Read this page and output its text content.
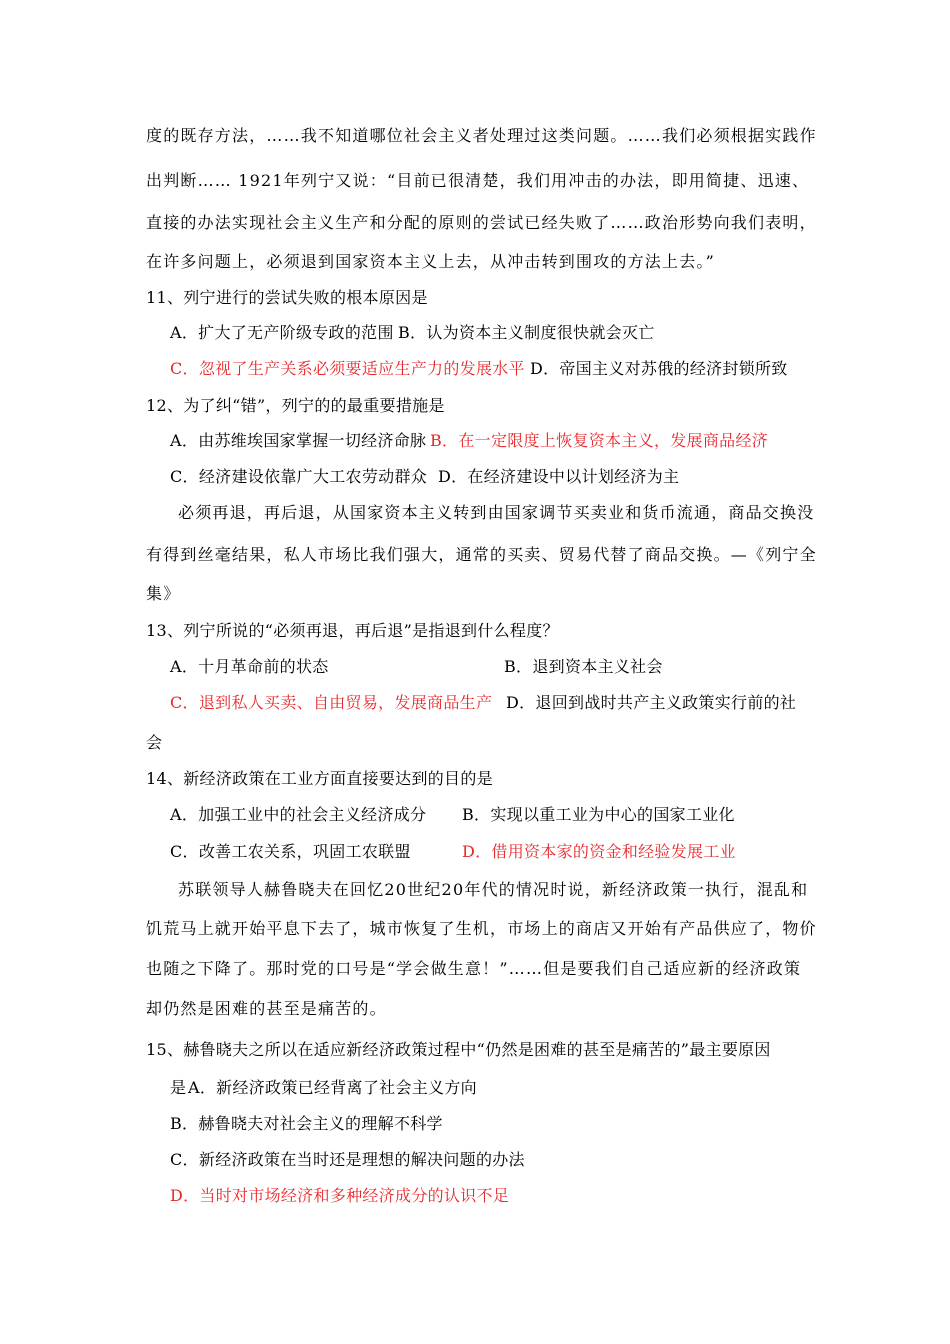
度的既存方法，……我不知道哪位社会主义者处理过这类问题。……我们必须根据实践作
出判断…… 1921年列宁又说：“目前已很清楚，我们用冲击的办法，即用简捷、迅速、
直接的办法实现社会主义生产和分配的原则的尝试已经失败了……政治形势向我们表明，
在许多问题上，必须退到国家资本主义上去，从冲击转到围攻的方法上去。”
11、列宁进行的尝试失败的根本原因是
A．扩大了无产阶级专政的范围 B．认为资本主义制度很快就会灭亡
C．忽视了生产关系必须要适应生产力的发展水平 D．帝国主义对苏俄的经济封锁所致
12、为了纠“错”，列宁的的最重要措施是
A．由苏维埃国家掌握一切经济命脉 B．在一定限度上恢复资本主义，发展商品经济
C．经济建设依靠广大工农劳动群众 D．在经济建设中以计划经济为主
必须再退，再后退，从国家资本主义转到由国家调节买卖业和货币流通，商品交换没
有得到丝毫结果，私人市场比我们强大，通常的买卖、贸易代替了商品交换。—《列宁全
集》
13、列宁所说的“必须再退，再后退”是指退到什么程度？
A．十月革命前的状态	B．退到资本主义社会
C．退到私人买卖、自由贸易，发展商品生产 D．退回到战时共产主义政策实行前的社
会
14、新经济政策在工业方面直接要达到的目的是
A．加强工业中的社会主义经济成分 B．实现以重工业为中心的国家工业化
C．改善工农关系，巩固工农联盟	D．借用资本家的资金和经验发展工业
苏联领导人赫鲁晓夫在回忆20世纪20年代的情况时说，新经济政策一执行，混乱和
饥荒马上就开始平息下去了，城市恢复了生机，市场上的商店又开始有产品供应了，物价
也随之下降了。那时党的口号是“学会做生意！”……但是要我们自己适应新的经济政策
却仍然是困难的甚至是痛苦的。
15、赫鲁晓夫之所以在适应新经济政策过程中“仍然是困难的甚至是痛苦的”最主要原因
是 A．新经济政策已经背离了社会主义方向
B．赫鲁晓夫对社会主义的理解不科学
C．新经济政策在当时还是理想的解决问题的办法
D．当时对市场经济和多种经济成分的认识不足
